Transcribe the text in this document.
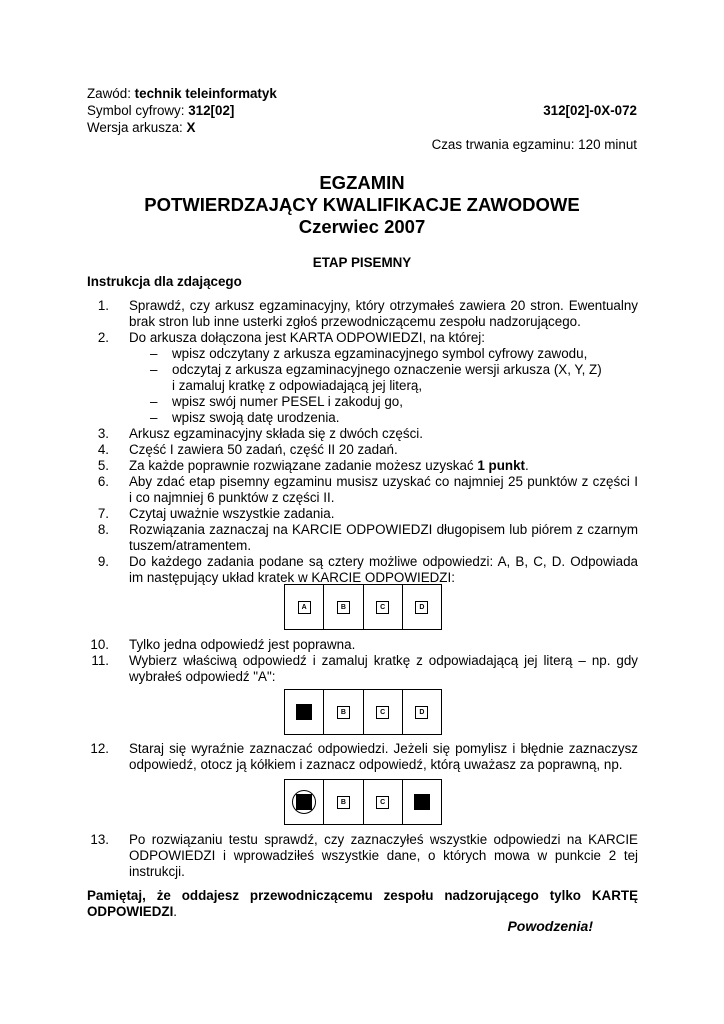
Zawód: technik teleinformatyk
Symbol cyfrowy: 312[02]	312[02]-0X-072
Wersja arkusza: X
Czas trwania egzaminu: 120 minut
EGZAMIN
POTWIERDZAJĄCY KWALIFIKACJE ZAWODOWE
Czerwiec 2007
ETAP PISEMNY
Instrukcja dla zdającego
1. Sprawdź, czy arkusz egzaminacyjny, który otrzymałeś zawiera 20 stron. Ewentualny
brak stron lub inne usterki zgłoś przewodniczącemu zespołu nadzorującego.
2. Do arkusza dołączona jest KARTA ODPOWIEDZI, na której:
– wpisz odczytany z arkusza egzaminacyjnego symbol cyfrowy zawodu,
– odczytaj z arkusza egzaminacyjnego oznaczenie wersji arkusza (X, Y, Z)
i zamaluj kratkę z odpowiadającą jej literą,
– wpisz swój numer PESEL i zakoduj go,
– wpisz swoją datę urodzenia.
3. Arkusz egzaminacyjny składa się z dwóch części.
4. Część I zawiera 50 zadań, część II 20 zadań.
5. Za każde poprawnie rozwiązane zadanie możesz uzyskać 1 punkt.
6. Aby zdać etap pisemny egzaminu musisz uzyskać co najmniej 25 punktów z części I
i co najmniej 6 punktów z części II.
7. Czytaj uważnie wszystkie zadania.
8. Rozwiązania zaznaczaj na KARCIE ODPOWIEDZI długopisem lub piórem z czarnym
tuszem/atramentem.
9. Do każdego zadania podane są cztery możliwe odpowiedzi: A, B, C, D. Odpowiada
im następujący układ kratek w KARCIE ODPOWIEDZI:
A	B	C	D
10. Tylko jedna odpowiedź jest poprawna.
11. Wybierz właściwą odpowiedź i zamaluj kratkę z odpowiadającą jej literą – np. gdy
wybrałeś odpowiedź "A":
A	B	C	D
12. Staraj się wyraźnie zaznaczać odpowiedzi. Jeżeli się pomylisz i błędnie zaznaczysz
odpowiedź, otocz ją kółkiem i zaznacz odpowiedź, którą uważasz za poprawną, np.
A	B	C	D
13. Po rozwiązaniu testu sprawdź, czy zaznaczyłeś wszystkie odpowiedzi na KARCIE
ODPOWIEDZI i wprowadziłeś wszystkie dane, o których mowa w punkcie 2 tej
instrukcji.
Pamiętaj, że oddajesz przewodniczącemu zespołu nadzorującego tylko KARTĘ
ODPOWIEDZI.
Powodzenia!
